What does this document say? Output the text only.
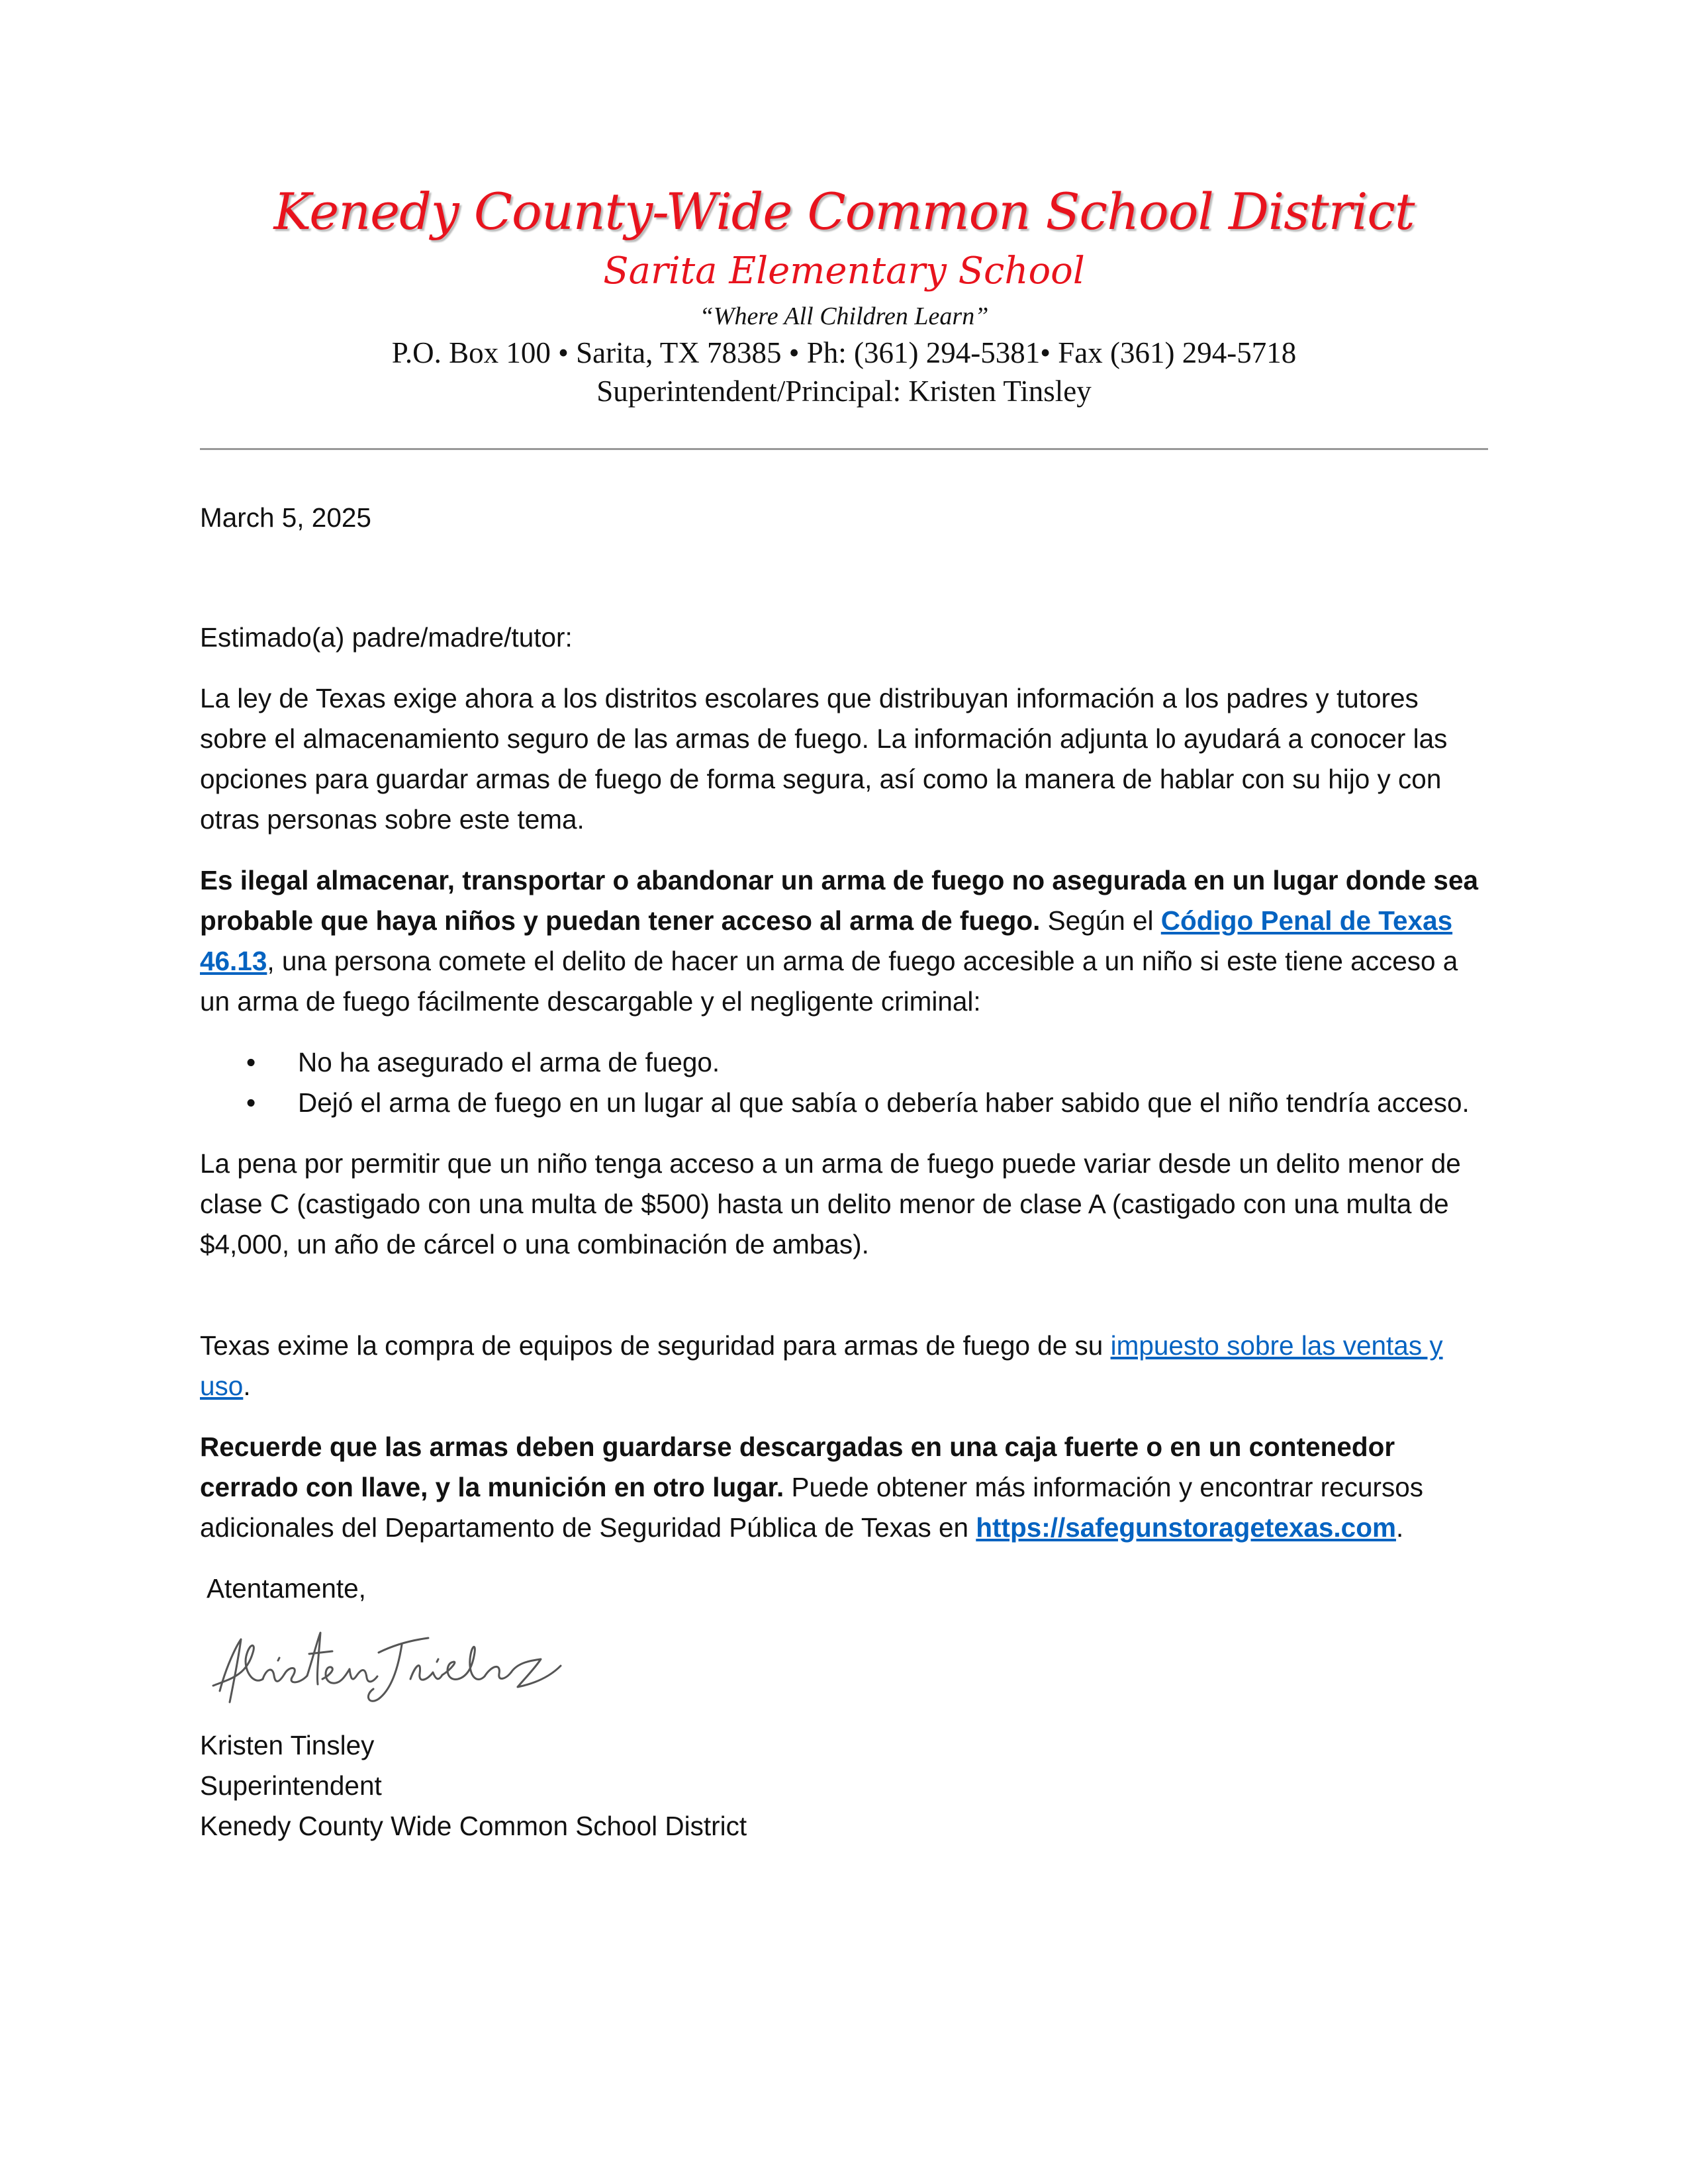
Kenedy County-Wide Common School District
Sarita Elementary School
“Where All Children Learn”
P.O. Box 100 • Sarita, TX 78385 • Ph: (361) 294-5381• Fax (361) 294-5718
Superintendent/Principal: Kristen Tinsley

March 5, 2025

Estimado(a) padre/madre/tutor:

La ley de Texas exige ahora a los distritos escolares que distribuyan información a los padres y tutores sobre el almacenamiento seguro de las armas de fuego. La información adjunta lo ayudará a conocer las opciones para guardar armas de fuego de forma segura, así como la manera de hablar con su hijo y con otras personas sobre este tema.

Es ilegal almacenar, transportar o abandonar un arma de fuego no asegurada en un lugar donde sea probable que haya niños y puedan tener acceso al arma de fuego. Según el Código Penal de Texas 46.13, una persona comete el delito de hacer un arma de fuego accesible a un niño si este tiene acceso a un arma de fuego fácilmente descargable y el negligente criminal:

• No ha asegurado el arma de fuego.
• Dejó el arma de fuego en un lugar al que sabía o debería haber sabido que el niño tendría acceso.

La pena por permitir que un niño tenga acceso a un arma de fuego puede variar desde un delito menor de clase C (castigado con una multa de $500) hasta un delito menor de clase A (castigado con una multa de $4,000, un año de cárcel o una combinación de ambas).

Texas exime la compra de equipos de seguridad para armas de fuego de su impuesto sobre las ventas y uso.

Recuerde que las armas deben guardarse descargadas en una caja fuerte o en un contenedor cerrado con llave, y la munición en otro lugar. Puede obtener más información y encontrar recursos adicionales del Departamento de Seguridad Pública de Texas en https://safegunstoragetexas.com.

Atentamente,

Kristen Tinsley

Superintendent

Kenedy County Wide Common School District
